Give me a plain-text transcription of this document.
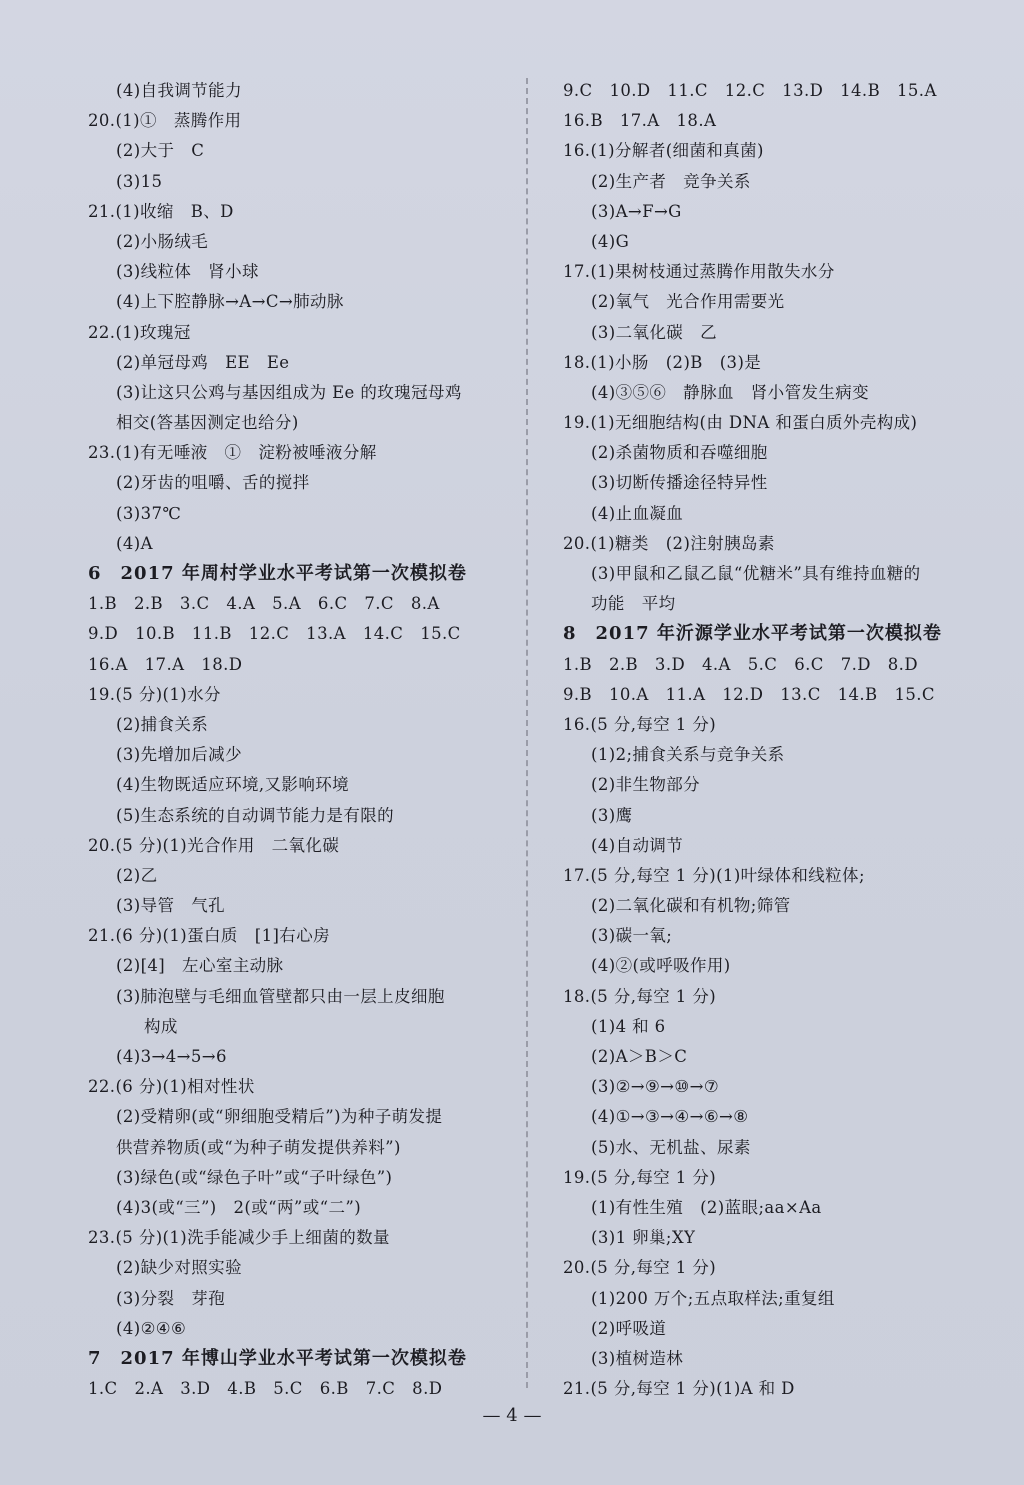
(4)自我调节能力
20.(1)①　蒸腾作用
(2)大于　C
(3)15
21.(1)收缩　B、D
(2)小肠绒毛
(3)线粒体　肾小球
(4)上下腔静脉→A→C→肺动脉
22.(1)玫瑰冠
(2)单冠母鸡　EE　Ee
(3)让这只公鸡与基因组成为 Ee 的玫瑰冠母鸡
相交(答基因测定也给分)
23.(1)有无唾液　①　淀粉被唾液分解
(2)牙齿的咀嚼、舌的搅拌
(3)37℃
(4)A
6　2017 年周村学业水平考试第一次模拟卷
1.B　2.B　3.C　4.A　5.A　6.C　7.C　8.A
9.D　10.B　11.B　12.C　13.A　14.C　15.C
16.A　17.A　18.D
19.(5 分)(1)水分
(2)捕食关系
(3)先增加后减少
(4)生物既适应环境,又影响环境
(5)生态系统的自动调节能力是有限的
20.(5 分)(1)光合作用　二氧化碳
(2)乙
(3)导管　气孔
21.(6 分)(1)蛋白质　[1]右心房
(2)[4]　左心室主动脉
(3)肺泡壁与毛细血管壁都只由一层上皮细胞
构成
(4)3→4→5→6
22.(6 分)(1)相对性状
(2)受精卵(或“卵细胞受精后”)为种子萌发提
供营养物质(或“为种子萌发提供养料”)
(3)绿色(或“绿色子叶”或“子叶绿色”)
(4)3(或“三”)　2(或“两”或“二”)
23.(5 分)(1)洗手能减少手上细菌的数量
(2)缺少对照实验
(3)分裂　芽孢
(4)②④⑥
7　2017 年博山学业水平考试第一次模拟卷
1.C　2.A　3.D　4.B　5.C　6.B　7.C　8.D
9.C　10.D　11.C　12.C　13.D　14.B　15.A
16.B　17.A　18.A
16.(1)分解者(细菌和真菌)
(2)生产者　竞争关系
(3)A→F→G
(4)G
17.(1)果树枝通过蒸腾作用散失水分
(2)氧气　光合作用需要光
(3)二氧化碳　乙
18.(1)小肠　(2)B　(3)是
(4)③⑤⑥　静脉血　肾小管发生病变
19.(1)无细胞结构(由 DNA 和蛋白质外壳构成)
(2)杀菌物质和吞噬细胞
(3)切断传播途径特异性
(4)止血凝血
20.(1)糖类　(2)注射胰岛素
(3)甲鼠和乙鼠乙鼠“优糖米”具有维持血糖的
功能　平均
8　2017 年沂源学业水平考试第一次模拟卷
1.B　2.B　3.D　4.A　5.C　6.C　7.D　8.D
9.B　10.A　11.A　12.D　13.C　14.B　15.C
16.(5 分,每空 1 分)
(1)2;捕食关系与竞争关系
(2)非生物部分
(3)鹰
(4)自动调节
17.(5 分,每空 1 分)(1)叶绿体和线粒体;
(2)二氧化碳和有机物;筛管
(3)碳一氧;
(4)②(或呼吸作用)
18.(5 分,每空 1 分)
(1)4 和 6
(2)A＞B＞C
(3)②→⑨→⑩→⑦
(4)①→③→④→⑥→⑧
(5)水、无机盐、尿素
19.(5 分,每空 1 分)
(1)有性生殖　(2)蓝眼;aa×Aa
(3)1 卵巢;XY
20.(5 分,每空 1 分)
(1)200 万个;五点取样法;重复组
(2)呼吸道
(3)植树造林
21.(5 分,每空 1 分)(1)A 和 D
— 4 —
